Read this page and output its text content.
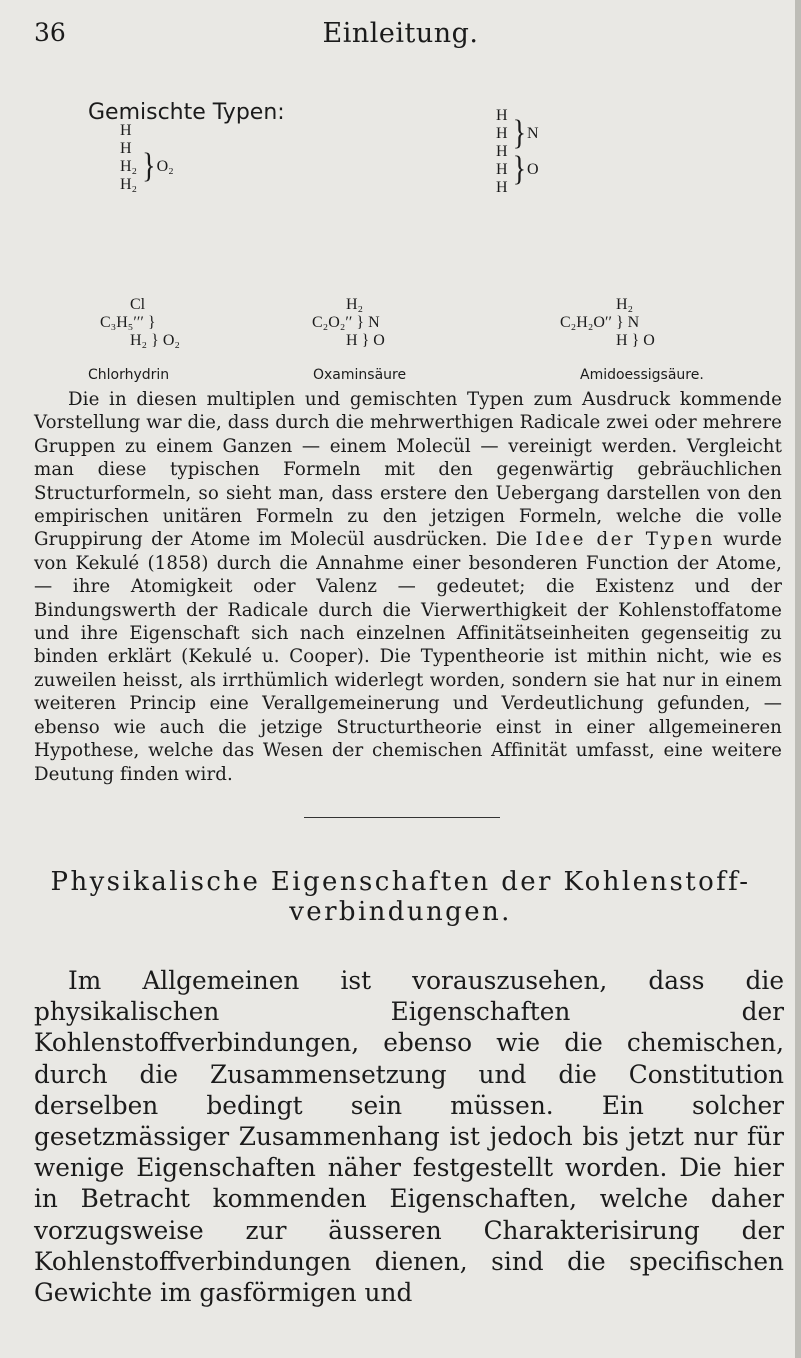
36	Einleitung.
Gemischte Typen:
H
H
H₂ }O₂
H₂
H
H }N
H
H }O
H
Cl
C₃H₅′′′ }
H₂ } O₂
H₂
C₂O₂′′ } N
H } O
H₂
C₂H₂O′′ } N
H } O
Chlorhydrin	Oxaminsäure	Amidoessigsäure.
Die in diesen multiplen und gemischten Typen zum Ausdruck kommende Vorstellung war die, dass durch die mehrwerthigen Radicale zwei oder mehrere Gruppen zu einem Ganzen — einem Molecül — vereinigt werden. Vergleicht man diese typischen Formeln mit den gegenwärtig gebräuchlichen Structurformeln, so sieht man, dass erstere den Uebergang darstellen von den empirischen unitären Formeln zu den jetzigen Formeln, welche die volle Gruppirung der Atome im Molecül ausdrücken. Die Idee der Typen wurde von Kekulé (1858) durch die Annahme einer besonderen Function der Atome, — ihre Atomigkeit oder Valenz — gedeutet; die Existenz und der Bindungswerth der Radicale durch die Vierwerthigkeit der Kohlenstoffatome und ihre Eigenschaft sich nach einzelnen Affinitätseinheiten gegenseitig zu binden erklärt (Kekulé u. Cooper). Die Typentheorie ist mithin nicht, wie es zuweilen heisst, als irrthümlich widerlegt worden, sondern sie hat nur in einem weiteren Princip eine Verallgemeinerung und Verdeutlichung gefunden, — ebenso wie auch die jetzige Structurtheorie einst in einer allgemeineren Hypothese, welche das Wesen der chemischen Affinität umfasst, eine weitere Deutung finden wird.
Physikalische Eigenschaften der Kohlenstoff-
verbindungen.
Im Allgemeinen ist vorauszusehen, dass die physikalischen Eigenschaften der Kohlenstoffverbindungen, ebenso wie die chemischen, durch die Zusammensetzung und die Constitution derselben bedingt sein müssen. Ein solcher gesetzmässiger Zusammenhang ist jedoch bis jetzt nur für wenige Eigenschaften näher festgestellt worden. Die hier in Betracht kommenden Eigenschaften, welche daher vorzugsweise zur äusseren Charakterisirung der Kohlenstoffverbindungen dienen, sind die specifischen Gewichte im gasförmigen und
